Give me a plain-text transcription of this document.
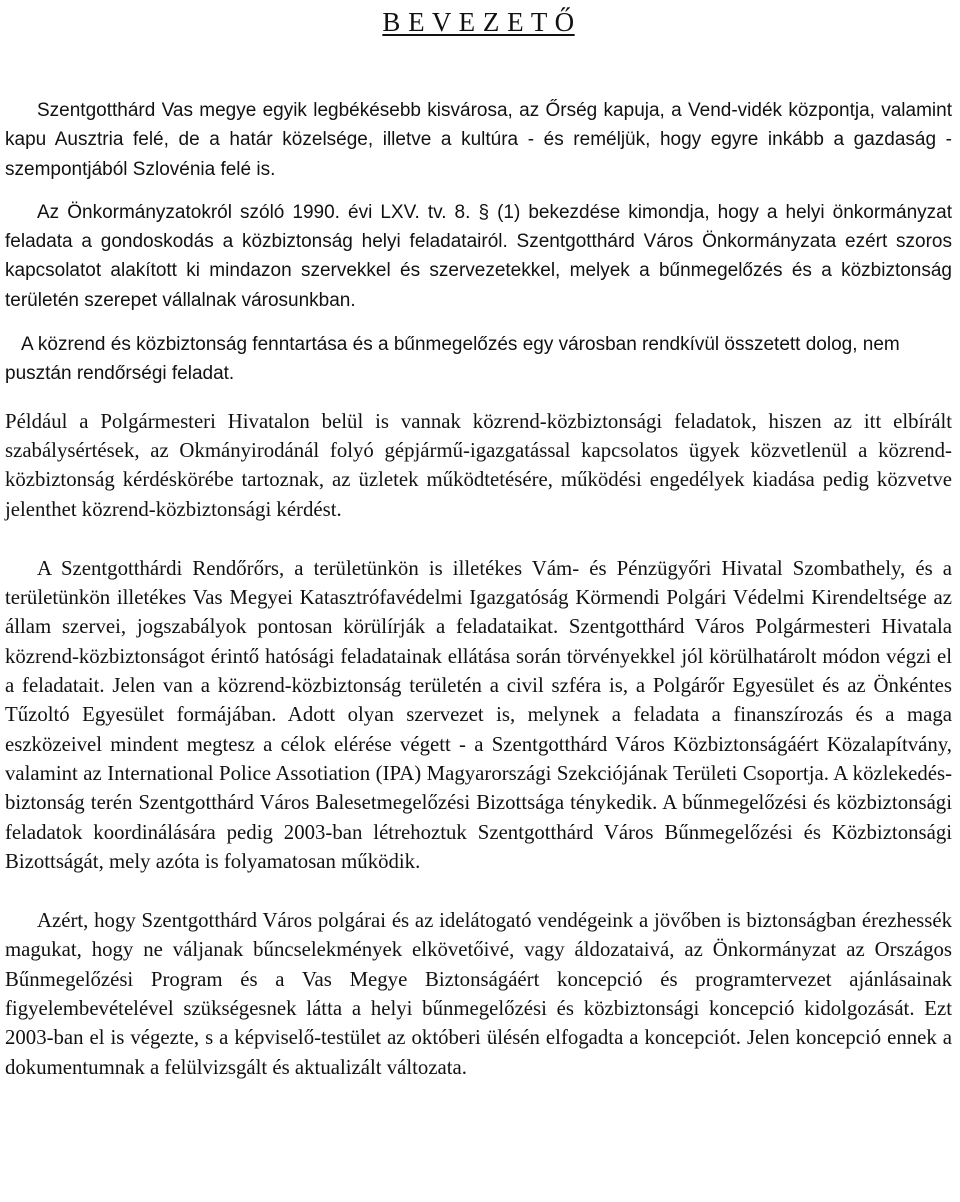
B E V E Z E T Ő

Szentgotthárd Vas megye egyik legbékésebb kisvárosa, az Őrség kapuja, a Vend-vidék központja, valamint kapu Ausztria felé, de a határ közelsége, illetve a kultúra - és reméljük, hogy egyre inkább a gazdaság - szempontjából Szlovénia felé is.

Az Önkormányzatokról szóló 1990. évi LXV. tv. 8. § (1) bekezdése kimondja, hogy a helyi önkormányzat feladata a gondoskodás a közbiztonság helyi feladatairól. Szentgotthárd Város Önkormányzata ezért szoros kapcsolatot alakított ki mindazon szervekkel és szervezetekkel, melyek a bűnmegelőzés és a közbiztonság területén szerepet vállalnak városunkban.

A közrend és közbiztonság fenntartása és a bűnmegelőzés egy városban rendkívül összetett dolog, nem pusztán rendőrségi feladat.

Például a Polgármesteri Hivatalon belül is vannak közrend-közbiztonsági feladatok, hiszen az itt elbírált szabálysértések, az Okmányirodánál folyó gépjármű-igazgatással kapcsolatos ügyek közvetlenül a közrend-közbiztonság kérdéskörébe tartoznak, az üzletek működtetésére, működési engedélyek kiadása pedig közvetve jelenthet közrend-közbiztonsági kérdést.

A Szentgotthárdi Rendőrőrs, a területünkön is illetékes Vám- és Pénzügyőri Hivatal Szombathely, és a területünkön illetékes Vas Megyei Katasztrófavédelmi Igazgatóság Körmendi Polgári Védelmi Kirendeltsége az állam szervei, jogszabályok pontosan körülírják a feladataikat. Szentgotthárd Város Polgármesteri Hivatala közrend-közbiztonságot érintő hatósági feladatainak ellátása során törvényekkel jól körülhatárolt módon végzi el a feladatait. Jelen van a közrend-közbiztonság területén a civil szféra is, a Polgárőr Egyesület és az Önkéntes Tűzoltó Egyesület formájában. Adott olyan szervezet is, melynek a feladata a finanszírozás és a maga eszközeivel mindent megtesz a célok elérése végett - a Szentgotthárd Város Közbiztonságáért Közalapítvány, valamint az International Police Assotiation (IPA) Magyarországi Szekciójának Területi Csoportja. A közlekedés-biztonság terén Szentgotthárd Város Balesetmegelőzési Bizottsága ténykedik. A bűnmegelőzési és közbiztonsági feladatok koordinálására pedig 2003-ban létrehoztuk Szentgotthárd Város Bűnmegelőzési és Közbiztonsági Bizottságát, mely azóta is folyamatosan működik.

Azért, hogy Szentgotthárd Város polgárai és az idelátogató vendégeink a jövőben is biztonságban érezhessék magukat, hogy ne váljanak bűncselekmények elkövetőivé, vagy áldozataivá, az Önkormányzat az Országos Bűnmegelőzési Program és a Vas Megye Biztonságáért koncepció és programtervezet ajánlásainak figyelembevételével szükségesnek látta a helyi bűnmegelőzési és közbiztonsági koncepció kidolgozását. Ezt 2003-ban el is végezte, s a képviselő-testület az októberi ülésén elfogadta a koncepciót. Jelen koncepció ennek a dokumentumnak a felülvizsgált és aktualizált változata.
